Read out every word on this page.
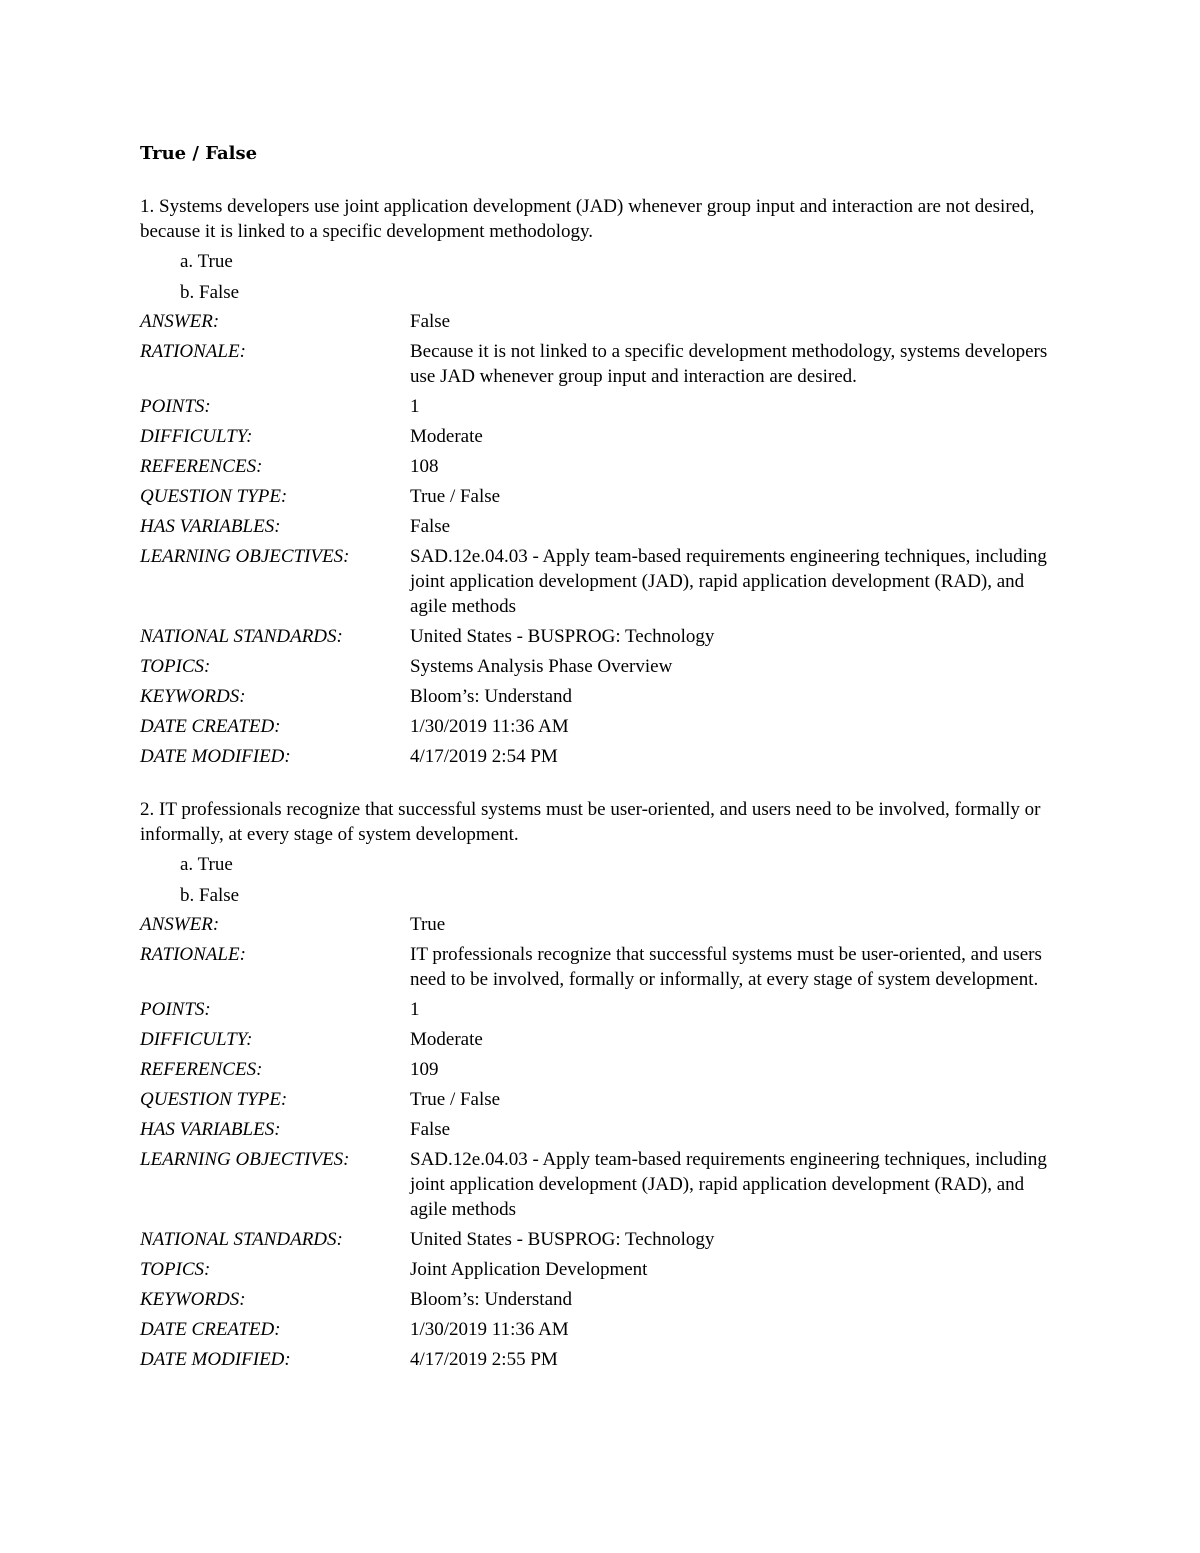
True / False
1. Systems developers use joint application development (JAD) whenever group input and interaction are not desired, because it is linked to a specific development methodology.
a. True
b. False
ANSWER:	False
RATIONALE:	Because it is not linked to a specific development methodology, systems developers use JAD whenever group input and interaction are desired.
POINTS:	1
DIFFICULTY:	Moderate
REFERENCES:	108
QUESTION TYPE:	True / False
HAS VARIABLES:	False
LEARNING OBJECTIVES:	SAD.12e.04.03 - Apply team-based requirements engineering techniques, including joint application development (JAD), rapid application development (RAD), and agile methods
NATIONAL STANDARDS:	United States - BUSPROG: Technology
TOPICS:	Systems Analysis Phase Overview
KEYWORDS:	Bloom’s: Understand
DATE CREATED:	1/30/2019 11:36 AM
DATE MODIFIED:	4/17/2019 2:54 PM
2. IT professionals recognize that successful systems must be user-oriented, and users need to be involved, formally or informally, at every stage of system development.
a. True
b. False
ANSWER:	True
RATIONALE:	IT professionals recognize that successful systems must be user-oriented, and users need to be involved, formally or informally, at every stage of system development.
POINTS:	1
DIFFICULTY:	Moderate
REFERENCES:	109
QUESTION TYPE:	True / False
HAS VARIABLES:	False
LEARNING OBJECTIVES:	SAD.12e.04.03 - Apply team-based requirements engineering techniques, including joint application development (JAD), rapid application development (RAD), and agile methods
NATIONAL STANDARDS:	United States - BUSPROG: Technology
TOPICS:	Joint Application Development
KEYWORDS:	Bloom’s: Understand
DATE CREATED:	1/30/2019 11:36 AM
DATE MODIFIED:	4/17/2019 2:55 PM
